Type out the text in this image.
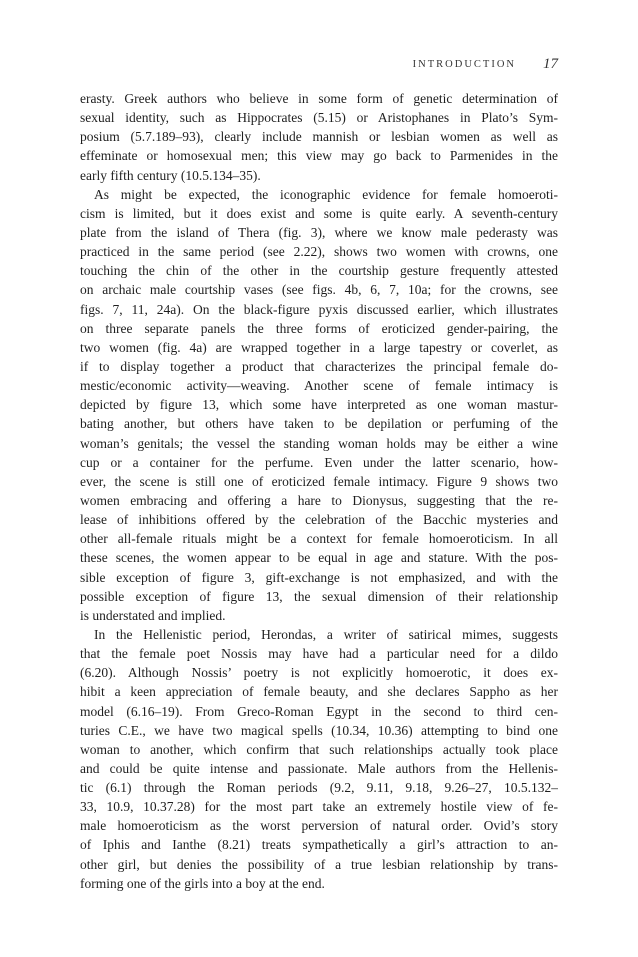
INTRODUCTION 17
erasty. Greek authors who believe in some form of genetic determination of
sexual identity, such as Hippocrates (5.15) or Aristophanes in Plato’s Sym-
posium (5.7.189–93), clearly include mannish or lesbian women as well as
effeminate or homosexual men; this view may go back to Parmenides in the
early fifth century (10.5.134–35).
As might be expected, the iconographic evidence for female homoeroti-
cism is limited, but it does exist and some is quite early. A seventh-century
plate from the island of Thera (fig. 3), where we know male pederasty was
practiced in the same period (see 2.22), shows two women with crowns, one
touching the chin of the other in the courtship gesture frequently attested
on archaic male courtship vases (see figs. 4b, 6, 7, 10a; for the crowns, see
figs. 7, 11, 24a). On the black-figure pyxis discussed earlier, which illustrates
on three separate panels the three forms of eroticized gender-pairing, the
two women (fig. 4a) are wrapped together in a large tapestry or coverlet, as
if to display together a product that characterizes the principal female do-
mestic/economic activity—weaving. Another scene of female intimacy is
depicted by figure 13, which some have interpreted as one woman mastur-
bating another, but others have taken to be depilation or perfuming of the
woman’s genitals; the vessel the standing woman holds may be either a wine
cup or a container for the perfume. Even under the latter scenario, how-
ever, the scene is still one of eroticized female intimacy. Figure 9 shows two
women embracing and offering a hare to Dionysus, suggesting that the re-
lease of inhibitions offered by the celebration of the Bacchic mysteries and
other all-female rituals might be a context for female homoeroticism. In all
these scenes, the women appear to be equal in age and stature. With the pos-
sible exception of figure 3, gift-exchange is not emphasized, and with the
possible exception of figure 13, the sexual dimension of their relationship
is understated and implied.
In the Hellenistic period, Herondas, a writer of satirical mimes, suggests
that the female poet Nossis may have had a particular need for a dildo
(6.20). Although Nossis’ poetry is not explicitly homoerotic, it does ex-
hibit a keen appreciation of female beauty, and she declares Sappho as her
model (6.16–19). From Greco-Roman Egypt in the second to third cen-
turies C.E., we have two magical spells (10.34, 10.36) attempting to bind one
woman to another, which confirm that such relationships actually took place
and could be quite intense and passionate. Male authors from the Hellenis-
tic (6.1) through the Roman periods (9.2, 9.11, 9.18, 9.26–27, 10.5.132–
33, 10.9, 10.37.28) for the most part take an extremely hostile view of fe-
male homoeroticism as the worst perversion of natural order. Ovid’s story
of Iphis and Ianthe (8.21) treats sympathetically a girl’s attraction to an-
other girl, but denies the possibility of a true lesbian relationship by trans-
forming one of the girls into a boy at the end.
